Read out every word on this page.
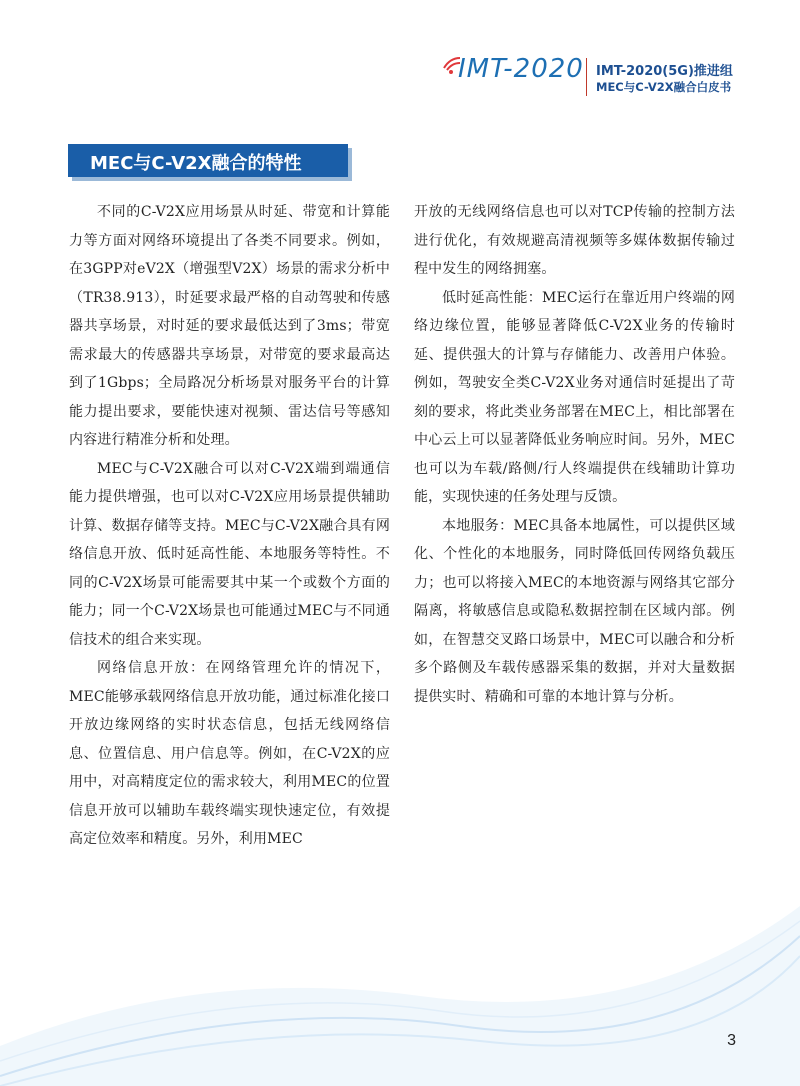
IMT-2020 IMT-2020(5G)推进组
MEC与C-V2X融合白皮书
MEC与C-V2X融合的特性

不同的C-V2X应用场景从时延、带宽和计算能力等方面对网络环境提出了各类不同要求。例如，在3GPP对eV2X（增强型V2X）场景的需求分析中（TR38.913），时延要求最严格的自动驾驶和传感器共享场景，对时延的要求最低达到了3ms；带宽需求最大的传感器共享场景，对带宽的要求最高达到了1Gbps；全局路况分析场景对服务平台的计算能力提出要求，要能快速对视频、雷达信号等感知内容进行精准分析和处理。

MEC与C-V2X融合可以对C-V2X端到端通信能力提供增强，也可以对C-V2X应用场景提供辅助计算、数据存储等支持。MEC与C-V2X融合具有网络信息开放、低时延高性能、本地服务等特性。不同的C-V2X场景可能需要其中某一个或数个方面的能力；同一个C-V2X场景也可能通过MEC与不同通信技术的组合来实现。

网络信息开放：在网络管理允许的情况下，MEC能够承载网络信息开放功能，通过标准化接口开放边缘网络的实时状态信息，包括无线网络信息、位置信息、用户信息等。例如，在C-V2X的应用中，对高精度定位的需求较大，利用MEC的位置信息开放可以辅助车载终端实现快速定位，有效提高定位效率和精度。另外，利用MEC

开放的无线网络信息也可以对TCP传输的控制方法进行优化，有效规避高清视频等多媒体数据传输过程中发生的网络拥塞。

低时延高性能：MEC运行在靠近用户终端的网络边缘位置，能够显著降低C-V2X业务的传输时延、提供强大的计算与存储能力、改善用户体验。例如，驾驶安全类C-V2X业务对通信时延提出了苛刻的要求，将此类业务部署在MEC上，相比部署在中心云上可以显著降低业务响应时间。另外，MEC也可以为车载/路侧/行人终端提供在线辅助计算功能，实现快速的任务处理与反馈。

本地服务：MEC具备本地属性，可以提供区域化、个性化的本地服务，同时降低回传网络负载压力；也可以将接入MEC的本地资源与网络其它部分隔离，将敏感信息或隐私数据控制在区域内部。例如，在智慧交叉路口场景中，MEC可以融合和分析多个路侧及车载传感器采集的数据，并对大量数据提供实时、精确和可靠的本地计算与分析。

3
